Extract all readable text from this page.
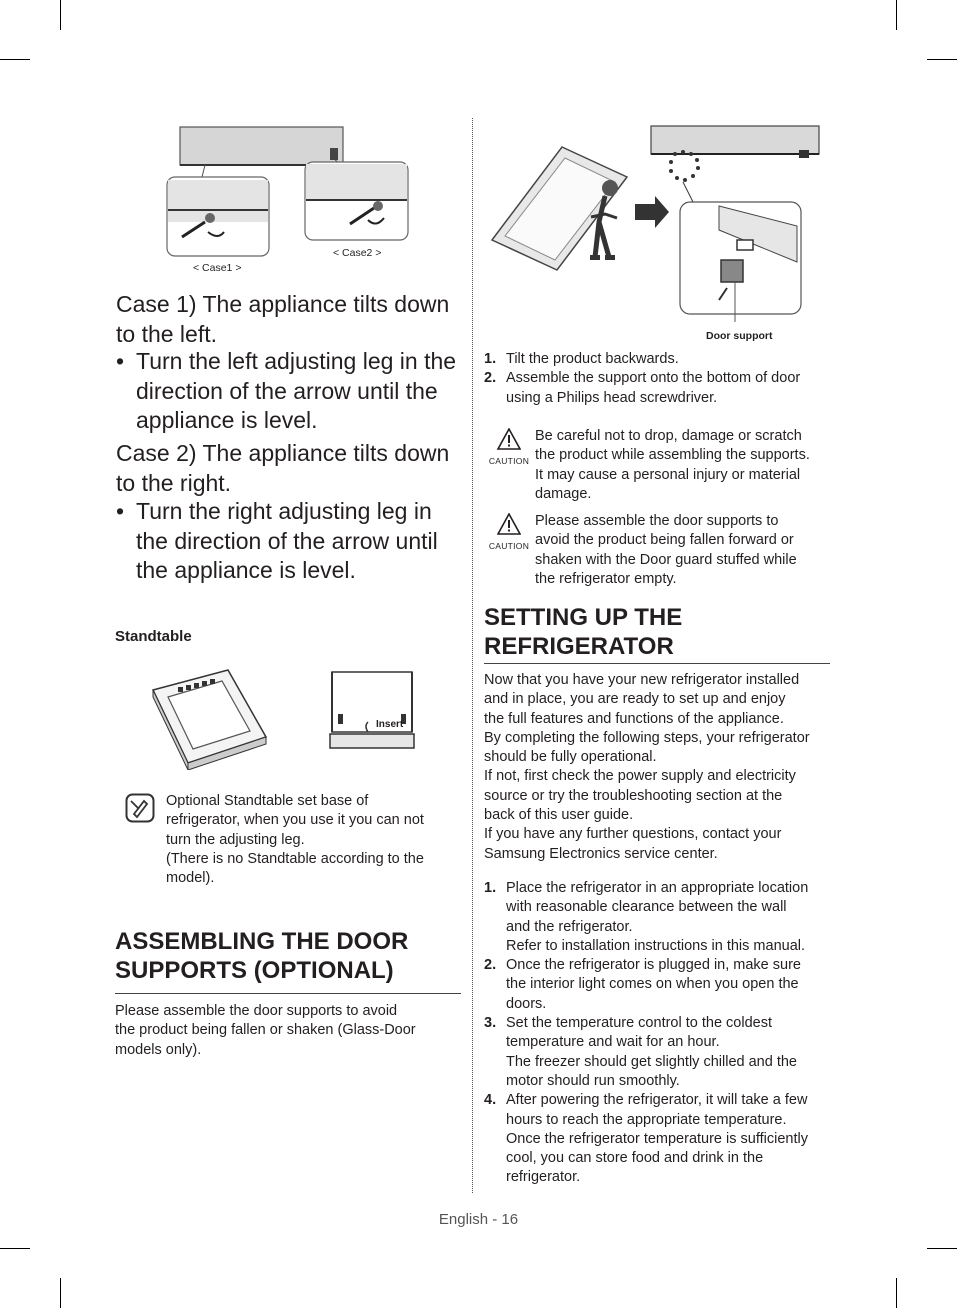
< Case1 >
< Case2 >
Case 1) The appliance tilts down to the left.
• Turn the left adjusting leg in the direction of the arrow until the appliance is level.
Case 2) The appliance tilts down to the right.
• Turn the right adjusting leg in the direction of the arrow until the appliance is level.
Standtable
Insert
Optional Standtable set base of
refrigerator, when you use it you can not
turn the adjusting leg.
(There is no Standtable according to the
model).
ASSEMBLING THE DOOR
SUPPORTS (OPTIONAL)
Please assemble the door supports to avoid
the product being fallen or shaken (Glass-Door
models only).
Door support
1. Tilt the product backwards.
2. Assemble the support onto the bottom of door
using a Philips head screwdriver.
CAUTION
Be careful not to drop, damage or scratch
the product while assembling the supports.
It may cause a personal injury or material
damage.
CAUTION
Please assemble the door supports to
avoid the product being fallen forward or
shaken with the Door guard stuffed while
the refrigerator empty.
SETTING UP THE
REFRIGERATOR
Now that you have your new refrigerator installed
and in place, you are ready to set up and enjoy
the full features and functions of the appliance.
By completing the following steps, your refrigerator
should be fully operational.
If not, first check the power supply and electricity
source or try the troubleshooting section at the
back of this user guide.
If you have any further questions, contact your
Samsung Electronics service center.
1. Place the refrigerator in an appropriate location
with reasonable clearance between the wall
and the refrigerator.
Refer to installation instructions in this manual.
2. Once the refrigerator is plugged in, make sure
the interior light comes on when you open the
doors.
3. Set the temperature control to the coldest
temperature and wait for an hour.
The freezer should get slightly chilled and the
motor should run smoothly.
4. After powering the refrigerator, it will take a few
hours to reach the appropriate temperature.
Once the refrigerator temperature is sufficiently
cool, you can store food and drink in the
refrigerator.
English - 16
